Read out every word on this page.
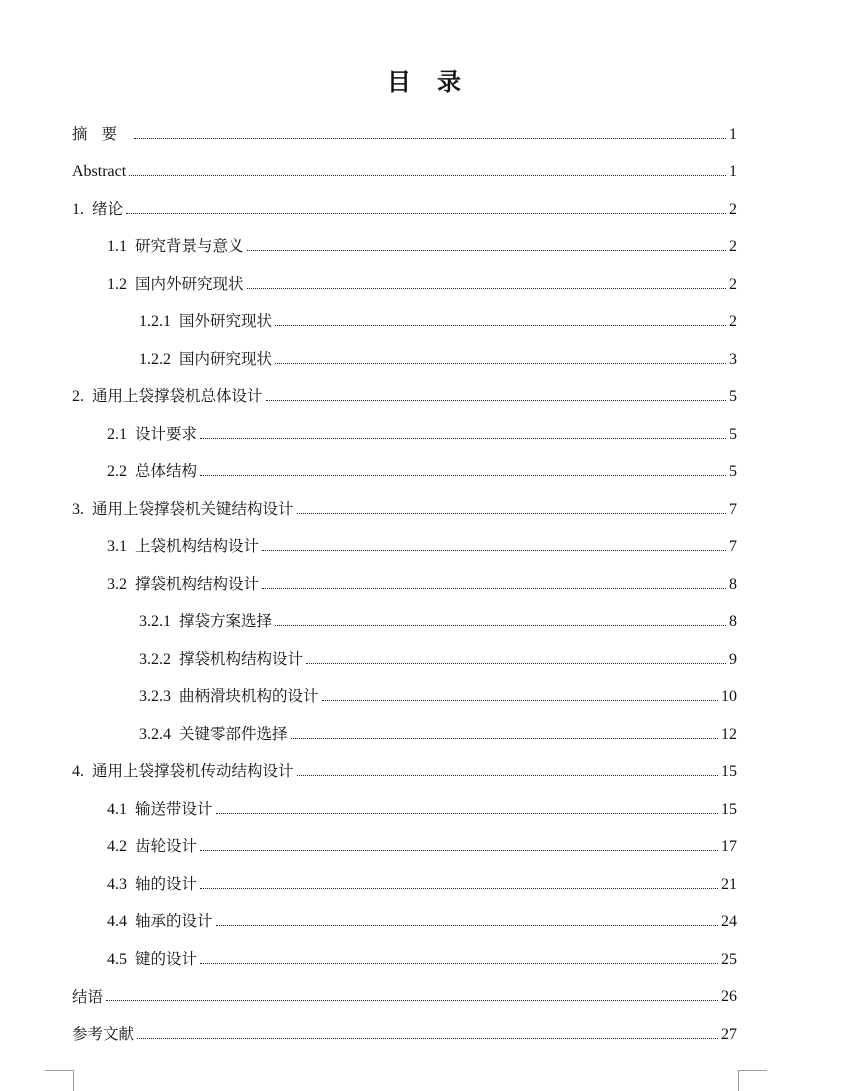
目 录
摘要	1
Abstract	1
1. 绪论	2
1.1 研究背景与意义	2
1.2 国内外研究现状	2
1.2.1 国外研究现状	2
1.2.2 国内研究现状	3
2. 通用上袋撑袋机总体设计	5
2.1 设计要求	5
2.2 总体结构	5
3. 通用上袋撑袋机关键结构设计	7
3.1 上袋机构结构设计	7
3.2 撑袋机构结构设计	8
3.2.1 撑袋方案选择	8
3.2.2 撑袋机构结构设计	9
3.2.3 曲柄滑块机构的设计	10
3.2.4 关键零部件选择	12
4. 通用上袋撑袋机传动结构设计	15
4.1 输送带设计	15
4.2 齿轮设计	17
4.3 轴的设计	21
4.4 轴承的设计	24
4.5 键的设计	25
结语	26
参考文献	27
